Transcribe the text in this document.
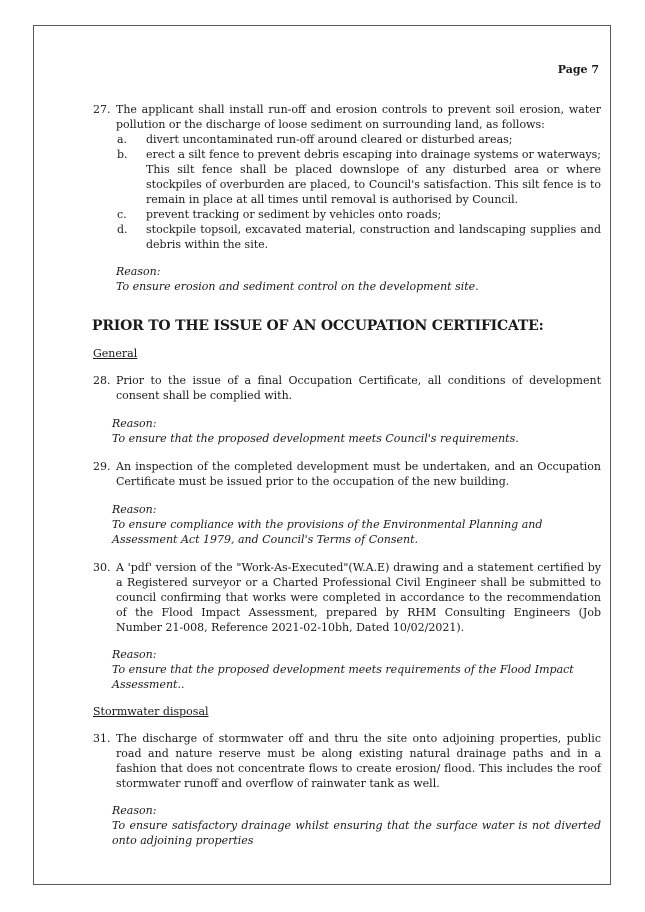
Page 7
27. The applicant shall install run-off and erosion controls to prevent soil erosion, water pollution or the discharge of loose sediment on surrounding land, as follows:
a. divert uncontaminated run-off around cleared or disturbed areas;
b. erect a silt fence to prevent debris escaping into drainage systems or waterways; This silt fence shall be placed downslope of any disturbed area or where stockpiles of overburden are placed, to Council's satisfaction. This silt fence is to remain in place at all times until removal is authorised by Council.
c. prevent tracking or sediment by vehicles onto roads;
d. stockpile topsoil, excavated material, construction and landscaping supplies and debris within the site.
Reason:
To ensure erosion and sediment control on the development site.
PRIOR TO THE ISSUE OF AN OCCUPATION CERTIFICATE:
General
28. Prior to the issue of a final Occupation Certificate, all conditions of development consent shall be complied with.
Reason:
To ensure that the proposed development meets Council's requirements.
29. An inspection of the completed development must be undertaken, and an Occupation Certificate must be issued prior to the occupation of the new building.
Reason:
To ensure compliance with the provisions of the Environmental Planning and Assessment Act 1979, and Council's Terms of Consent.
30. A 'pdf' version of the "Work-As-Executed"(W.A.E) drawing and a statement certified by a Registered surveyor or a Charted Professional Civil Engineer shall be submitted to council confirming that works were completed in accordance to the recommendation of the Flood Impact Assessment, prepared by RHM Consulting Engineers (Job Number 21-008, Reference 2021-02-10bh, Dated 10/02/2021).
Reason:
To ensure that the proposed development meets requirements of the Flood Impact Assessment..
Stormwater disposal
31. The discharge of stormwater off and thru the site onto adjoining properties, public road and nature reserve must be along existing natural drainage paths and in a fashion that does not concentrate flows to create erosion/ flood. This includes the roof stormwater runoff and overflow of rainwater tank as well.
Reason:
To ensure satisfactory drainage whilst ensuring that the surface water is not diverted onto adjoining properties
